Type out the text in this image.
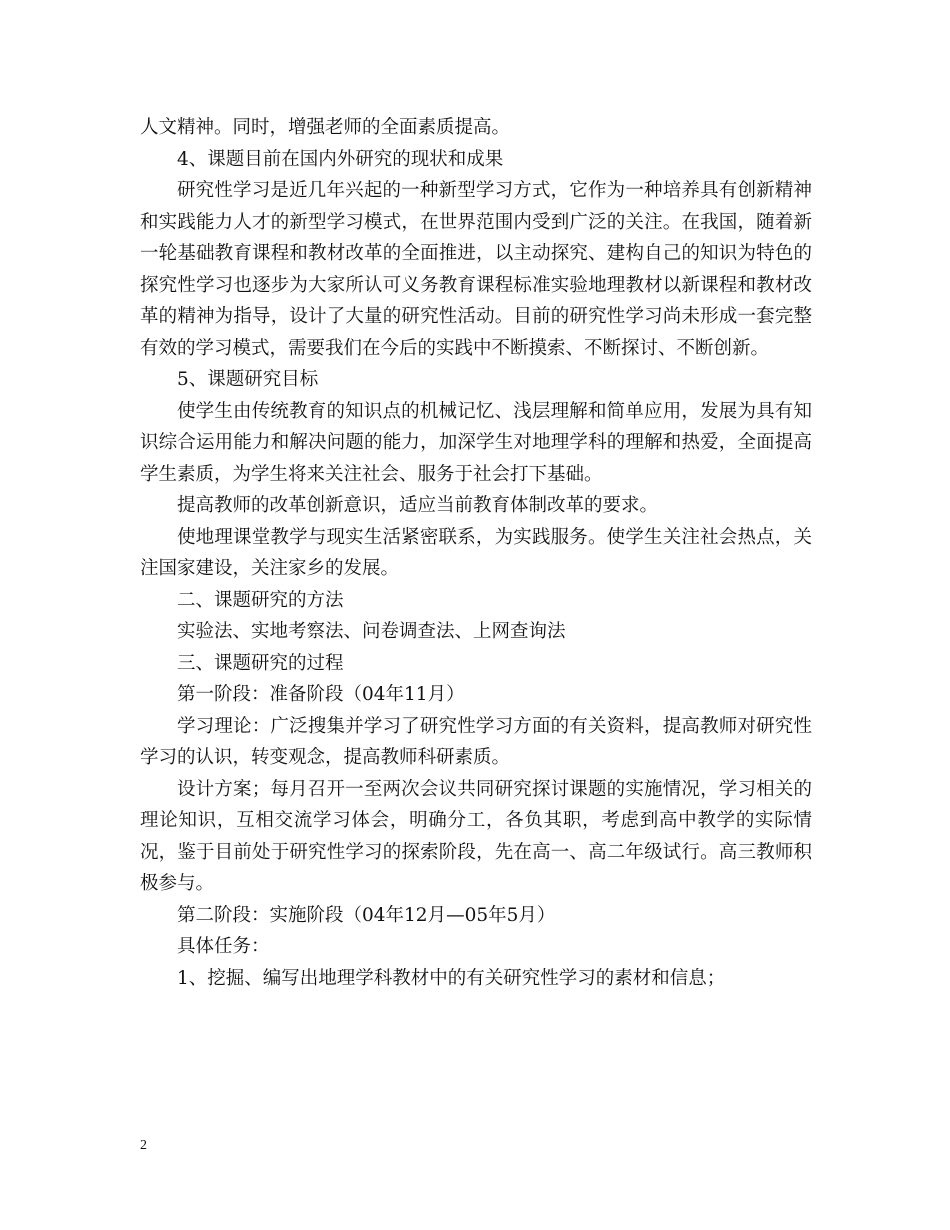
人文精神。同时，增强老师的全面素质提高。

4、课题目前在国内外研究的现状和成果

研究性学习是近几年兴起的一种新型学习方式，它作为一种培养具有创新精神和实践能力人才的新型学习模式，在世界范围内受到广泛的关注。在我国，随着新一轮基础教育课程和教材改革的全面推进，以主动探究、建构自己的知识为特色的探究性学习也逐步为大家所认可义务教育课程标准实验地理教材以新课程和教材改革的精神为指导，设计了大量的研究性活动。目前的研究性学习尚未形成一套完整有效的学习模式，需要我们在今后的实践中不断摸索、不断探讨、不断创新。

5、课题研究目标

使学生由传统教育的知识点的机械记忆、浅层理解和简单应用，发展为具有知识综合运用能力和解决问题的能力，加深学生对地理学科的理解和热爱，全面提高学生素质，为学生将来关注社会、服务于社会打下基础。

提高教师的改革创新意识，适应当前教育体制改革的要求。

使地理课堂教学与现实生活紧密联系，为实践服务。使学生关注社会热点，关注国家建设，关注家乡的发展。

二、课题研究的方法

实验法、实地考察法、问卷调查法、上网查询法

三、课题研究的过程

第一阶段：准备阶段（04年11月）

学习理论：广泛搜集并学习了研究性学习方面的有关资料，提高教师对研究性学习的认识，转变观念，提高教师科研素质。

设计方案；每月召开一至两次会议共同研究探讨课题的实施情况，学习相关的理论知识，互相交流学习体会，明确分工，各负其职，考虑到高中教学的实际情况，鉴于目前处于研究性学习的探索阶段，先在高一、高二年级试行。高三教师积极参与。

第二阶段：实施阶段（04年12月—05年5月）

具体任务：

1、挖掘、编写出地理学科教材中的有关研究性学习的素材和信息；

2
